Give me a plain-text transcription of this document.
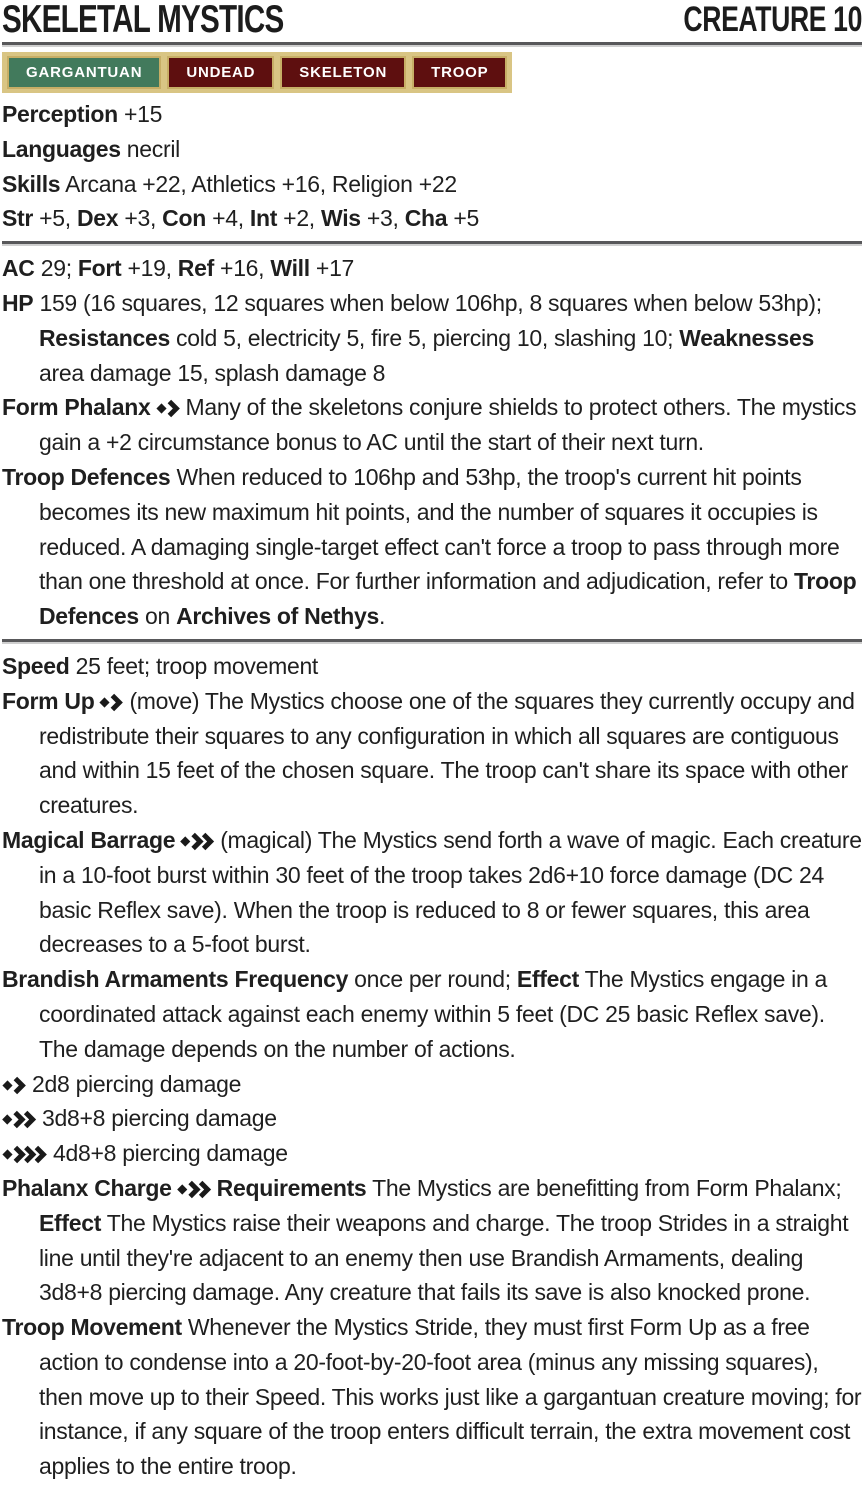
SKELETAL MYSTICS	CREATURE 10
GARGANTUAN	UNDEAD	SKELETON	TROOP

Perception +15

Languages necril

Skills Arcana +22, Athletics +16, Religion +22

Str +5, Dex +3, Con +4, Int +2, Wis +3, Cha +5

AC 29; Fort +19, Ref +16, Will +17

HP 159 (16 squares, 12 squares when below 106hp, 8 squares when below 53hp); Resistances cold 5, electricity 5, fire 5, piercing 10, slashing 10; Weaknesses area damage 15, splash damage 8

Form Phalanx Many of the skeletons conjure shields to protect others. The mystics gain a +2 circumstance bonus to AC until the start of their next turn.

Troop Defences When reduced to 106hp and 53hp, the troop's current hit points becomes its new maximum hit points, and the number of squares it occupies is reduced. A damaging single-target effect can't force a troop to pass through more than one threshold at once. For further information and adjudication, refer to Troop Defences on Archives of Nethys.

Speed 25 feet; troop movement

Form Up (move) The Mystics choose one of the squares they currently occupy and redistribute their squares to any configuration in which all squares are contiguous and within 15 feet of the chosen square. The troop can't share its space with other creatures.

Magical Barrage (magical) The Mystics send forth a wave of magic. Each creature in a 10-foot burst within 30 feet of the troop takes 2d6+10 force damage (DC 24 basic Reflex save). When the troop is reduced to 8 or fewer squares, this area decreases to a 5-foot burst.

Brandish Armaments Frequency once per round; Effect The Mystics engage in a coordinated attack against each enemy within 5 feet (DC 25 basic Reflex save). The damage depends on the number of actions.

2d8 piercing damage

3d8+8 piercing damage

4d8+8 piercing damage

Phalanx Charge Requirements The Mystics are benefitting from Form Phalanx; Effect The Mystics raise their weapons and charge. The troop Strides in a straight line until they're adjacent to an enemy then use Brandish Armaments, dealing 3d8+8 piercing damage. Any creature that fails its save is also knocked prone.

Troop Movement Whenever the Mystics Stride, they must first Form Up as a free action to condense into a 20-foot-by-20-foot area (minus any missing squares), then move up to their Speed. This works just like a gargantuan creature moving; for instance, if any square of the troop enters difficult terrain, the extra movement cost applies to the entire troop.
